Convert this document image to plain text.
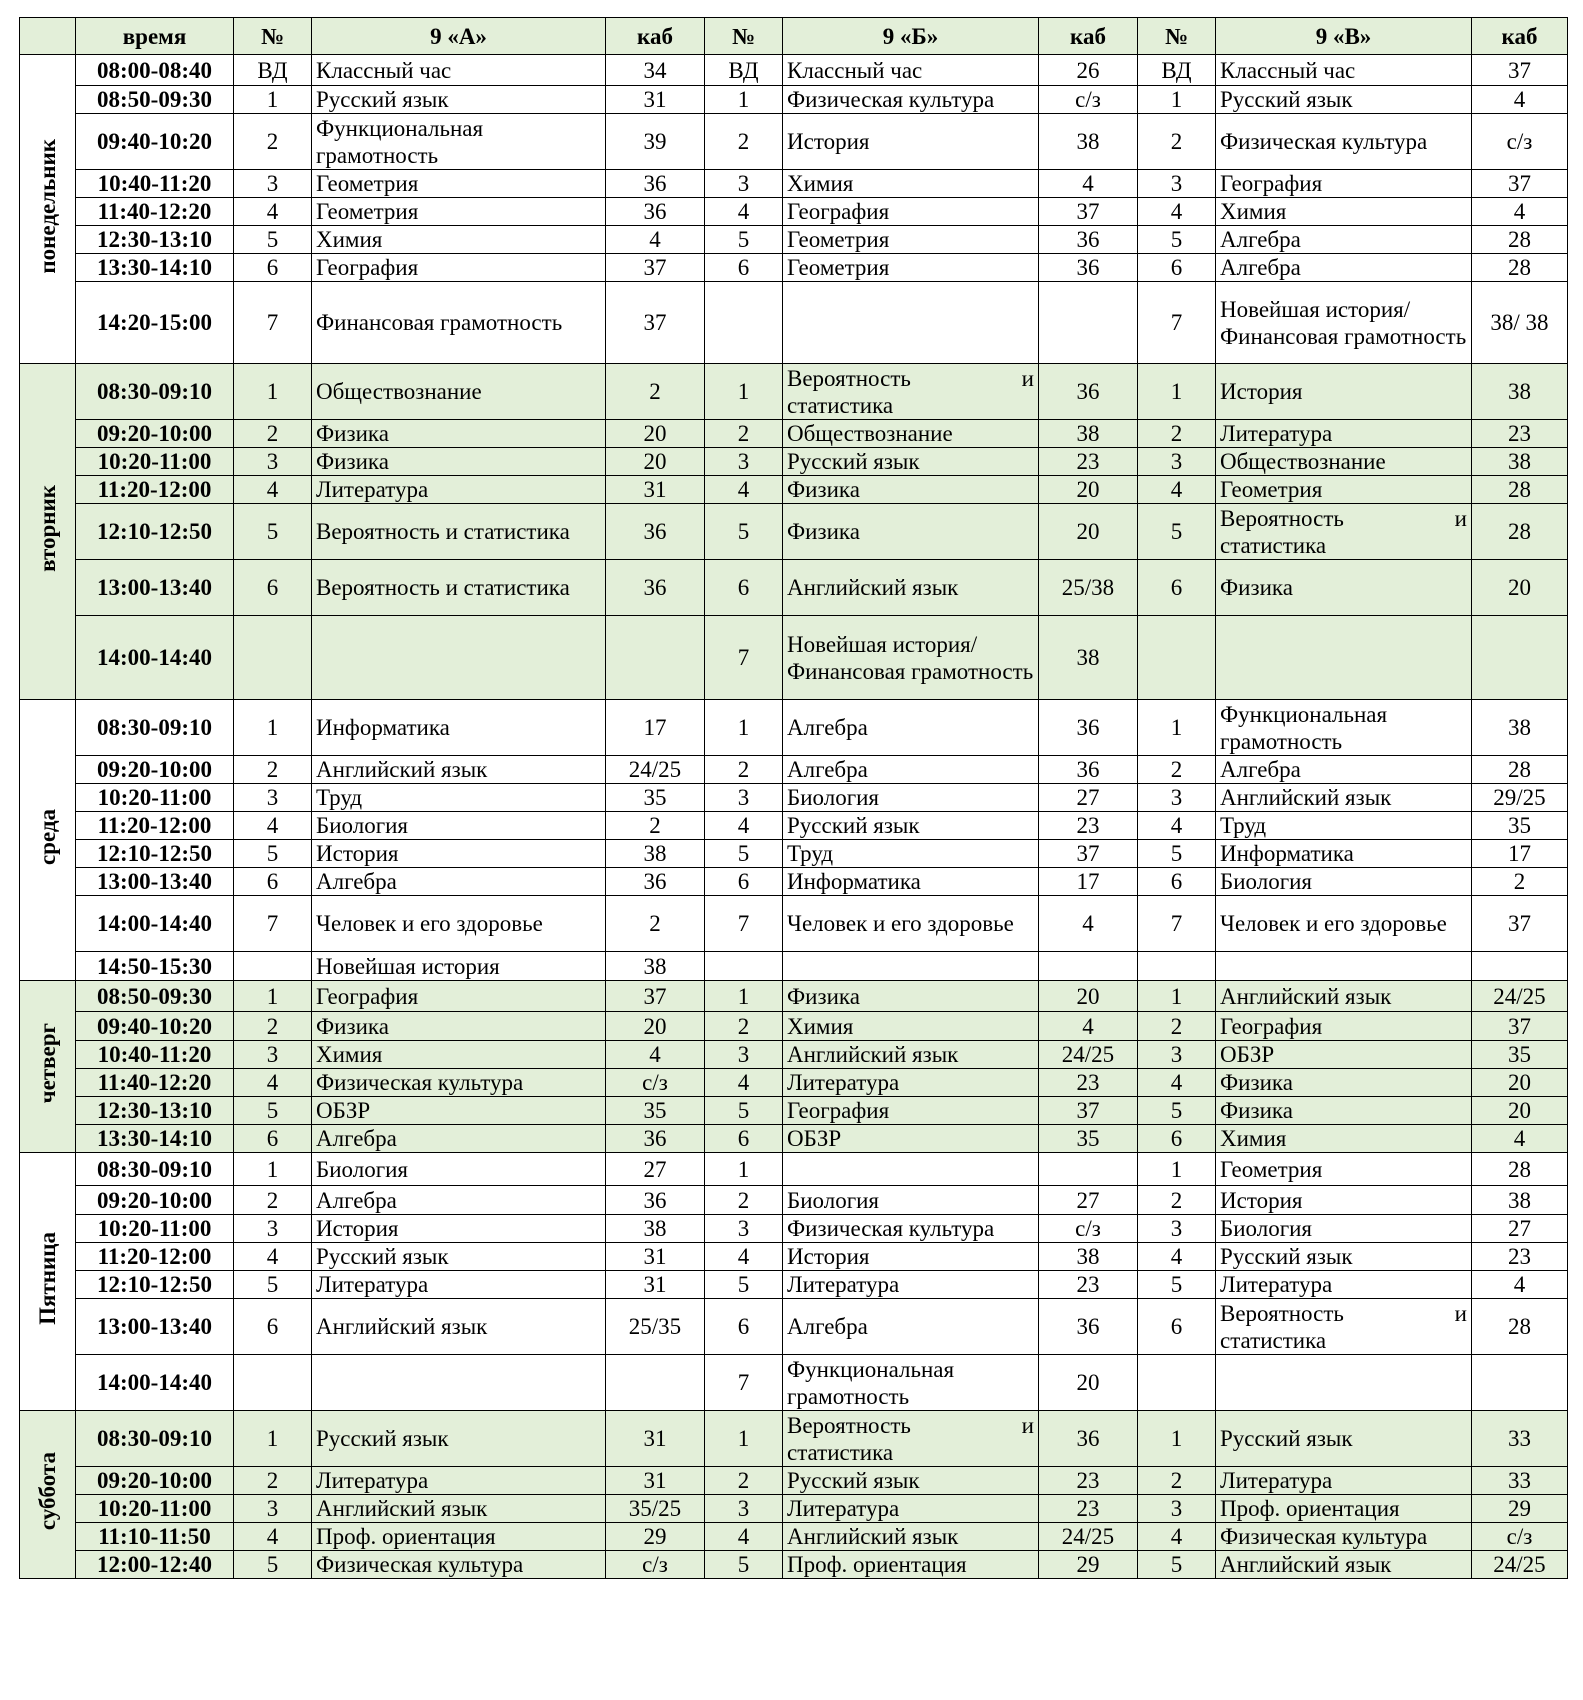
	время	№	9 «А»	каб	№	9 «Б»	каб	№	9 «В»	каб
понедельник	08:00-08:40	ВД	Классный час	34	ВД	Классный час	26	ВД	Классный час	37
	08:50-09:30	1	Русский язык	31	1	Физическая культура	с/з	1	Русский язык	4
	09:40-10:20	2	Функциональная грамотность	39	2	История	38	2	Физическая культура	с/з
	10:40-11:20	3	Геометрия	36	3	Химия	4	3	География	37
	11:40-12:20	4	Геометрия	36	4	География	37	4	Химия	4
	12:30-13:10	5	Химия	4	5	Геометрия	36	5	Алгебра	28
	13:30-14:10	6	География	37	6	Геометрия	36	6	Алгебра	28
	14:20-15:00	7	Финансовая грамотность	37				7	Новейшая история/ Финансовая грамотность	38/ 38
вторник	08:30-09:10	1	Обществознание	2	1	Вероятность и статистика	36	1	История	38
	09:20-10:00	2	Физика	20	2	Обществознание	38	2	Литература	23
	10:20-11:00	3	Физика	20	3	Русский язык	23	3	Обществознание	38
	11:20-12:00	4	Литература	31	4	Физика	20	4	Геометрия	28
	12:10-12:50	5	Вероятность и статистика	36	5	Физика	20	5	Вероятность и статистика	28
	13:00-13:40	6	Вероятность и статистика	36	6	Английский язык	25/38	6	Физика	20
	14:00-14:40				7	Новейшая история/ Финансовая грамотность	38			
среда	08:30-09:10	1	Информатика	17	1	Алгебра	36	1	Функциональная грамотность	38
	09:20-10:00	2	Английский язык	24/25	2	Алгебра	36	2	Алгебра	28
	10:20-11:00	3	Труд	35	3	Биология	27	3	Английский язык	29/25
	11:20-12:00	4	Биология	2	4	Русский язык	23	4	Труд	35
	12:10-12:50	5	История	38	5	Труд	37	5	Информатика	17
	13:00-13:40	6	Алгебра	36	6	Информатика	17	6	Биология	2
	14:00-14:40	7	Человек и его здоровье	2	7	Человек и его здоровье	4	7	Человек и его здоровье	37
	14:50-15:30		Новейшая история	38						
четверг	08:50-09:30	1	География	37	1	Физика	20	1	Английский язык	24/25
	09:40-10:20	2	Физика	20	2	Химия	4	2	География	37
	10:40-11:20	3	Химия	4	3	Английский язык	24/25	3	ОБЗР	35
	11:40-12:20	4	Физическая культура	с/з	4	Литература	23	4	Физика	20
	12:30-13:10	5	ОБЗР	35	5	География	37	5	Физика	20
	13:30-14:10	6	Алгебра	36	6	ОБЗР	35	6	Химия	4
Пятница	08:30-09:10	1	Биология	27	1			1	Геометрия	28
	09:20-10:00	2	Алгебра	36	2	Биология	27	2	История	38
	10:20-11:00	3	История	38	3	Физическая культура	с/з	3	Биология	27
	11:20-12:00	4	Русский язык	31	4	История	38	4	Русский язык	23
	12:10-12:50	5	Литература	31	5	Литература	23	5	Литература	4
	13:00-13:40	6	Английский язык	25/35	6	Алгебра	36	6	Вероятность и статистика	28
	14:00-14:40				7	Функциональная грамотность	20			
суббота	08:30-09:10	1	Русский язык	31	1	Вероятность и статистика	36	1	Русский язык	33
	09:20-10:00	2	Литература	31	2	Русский язык	23	2	Литература	33
	10:20-11:00	3	Английский язык	35/25	3	Литература	23	3	Проф. ориентация	29
	11:10-11:50	4	Проф. ориентация	29	4	Английский язык	24/25	4	Физическая культура	с/з
	12:00-12:40	5	Физическая культура	с/з	5	Проф. ориентация	29	5	Английский язык	24/25
